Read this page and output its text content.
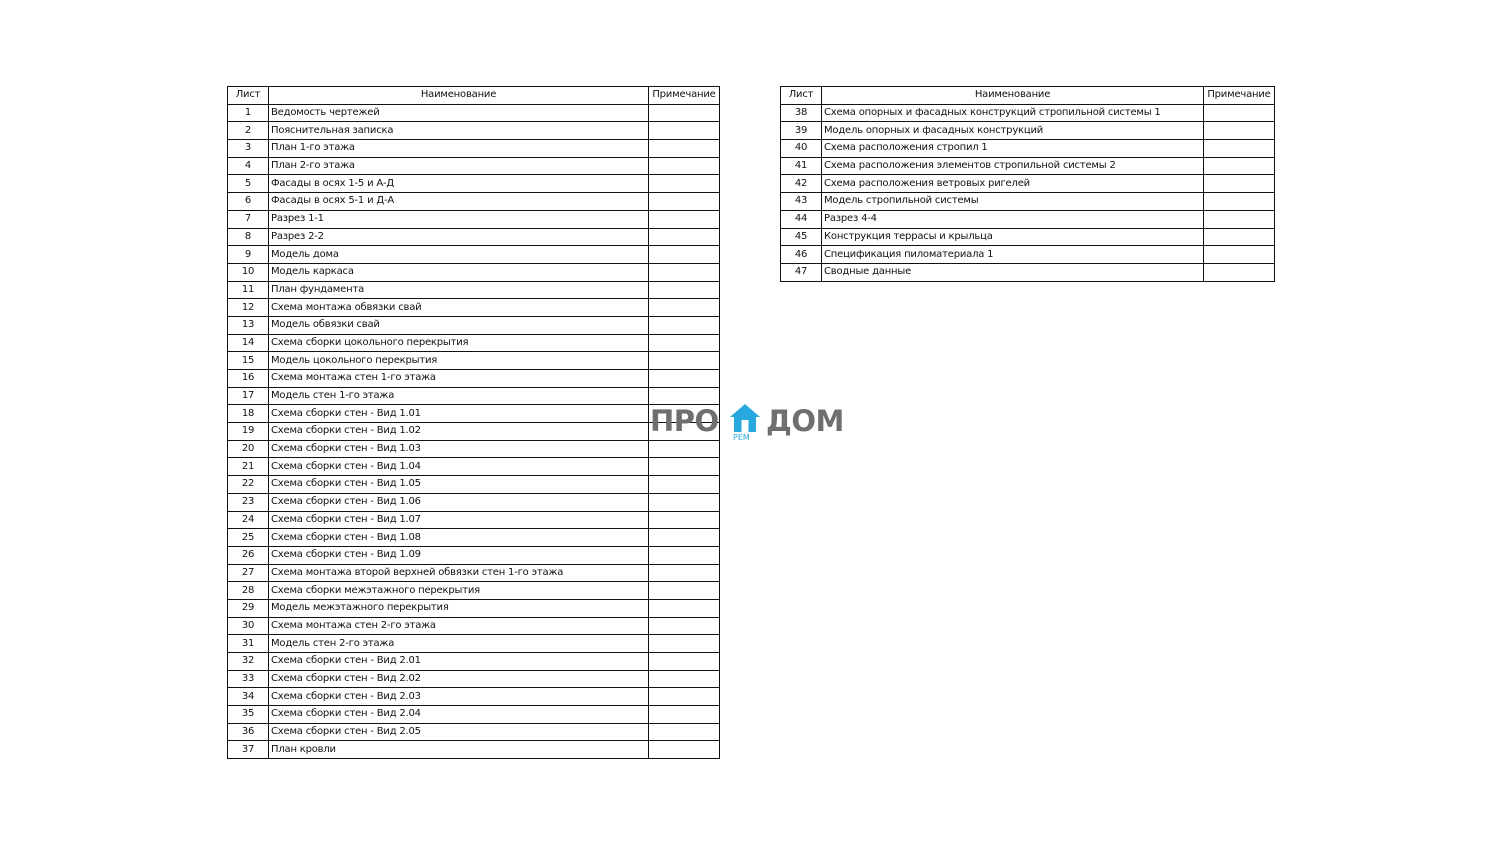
Лист	Наименование	Примечание
1	Ведомость чертежей	
2	Пояснительная записка	
3	План 1-го этажа	
4	План 2-го этажа	
5	Фасады в осях 1-5 и А-Д	
6	Фасады в осях 5-1 и Д-А	
7	Разрез 1-1	
8	Разрез 2-2	
9	Модель дома	
10	Модель каркаса	
11	План фундамента	
12	Схема монтажа обвязки свай	
13	Модель обвязки свай	
14	Схема сборки цокольного перекрытия	
15	Модель цокольного перекрытия	
16	Схема монтажа стен 1-го этажа	
17	Модель стен 1-го этажа	
18	Схема сборки стен - Вид 1.01	
19	Схема сборки стен - Вид 1.02	
20	Схема сборки стен - Вид 1.03	
21	Схема сборки стен - Вид 1.04	
22	Схема сборки стен - Вид 1.05	
23	Схема сборки стен - Вид 1.06	
24	Схема сборки стен - Вид 1.07	
25	Схема сборки стен - Вид 1.08	
26	Схема сборки стен - Вид 1.09	
27	Схема монтажа второй верхней обвязки стен 1-го этажа	
28	Схема сборки межэтажного перекрытия	
29	Модель межэтажного перекрытия	
30	Схема монтажа стен 2-го этажа	
31	Модель стен 2-го этажа	
32	Схема сборки стен - Вид 2.01	
33	Схема сборки стен - Вид 2.02	
34	Схема сборки стен - Вид 2.03	
35	Схема сборки стен - Вид 2.04	
36	Схема сборки стен - Вид 2.05	
37	План кровли	
Лист	Наименование	Примечание
38	Схема опорных и фасадных конструкций стропильной системы 1	
39	Модель опорных и фасадных конструкций	
40	Схема расположения стропил 1	
41	Схема расположения элементов стропильной системы 2	
42	Схема расположения ветровых ригелей	
43	Модель стропильной системы	
44	Разрез 4-4	
45	Конструкция террасы и крыльца	
46	Спецификация пиломатериала 1	
47	Сводные данные	
ПРО РЕМ ДОМ
